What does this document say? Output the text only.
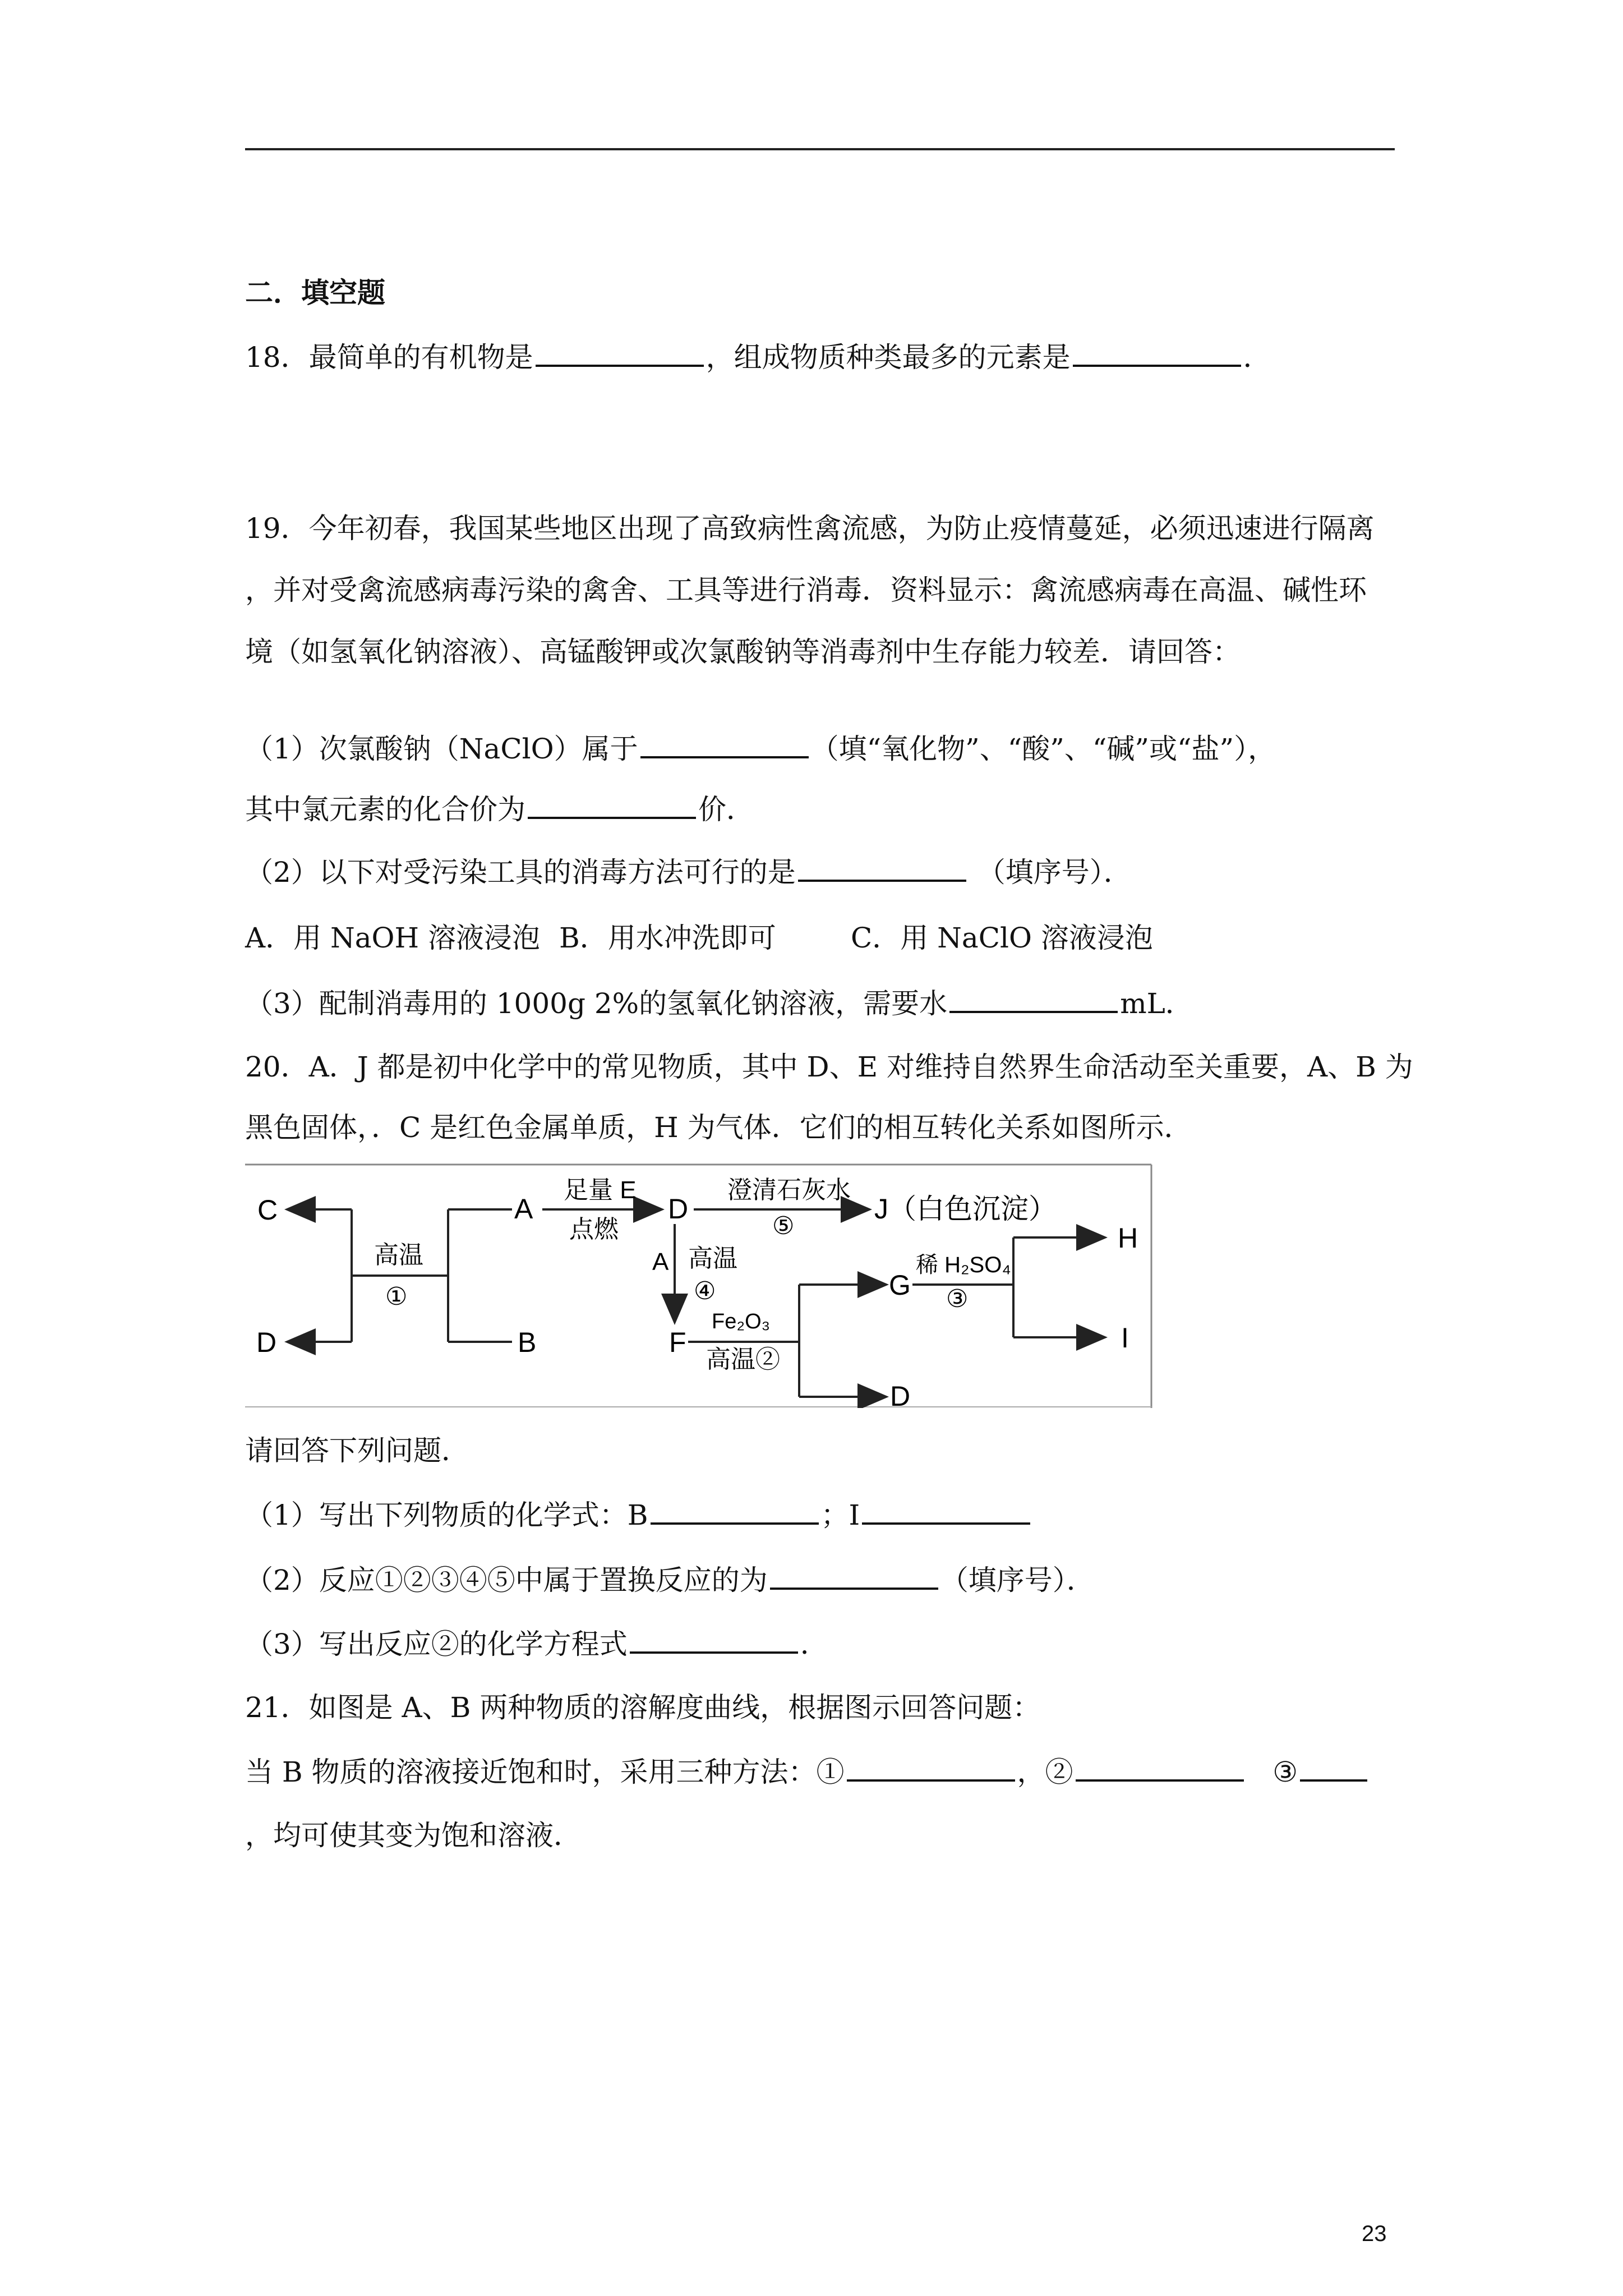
二．填空题
18．最简单的有机物是	，组成物质种类最多的元素是	．
19．今年初春，我国某些地区出现了高致病性禽流感，为防止疫情蔓延，必须迅速进行隔离
，并对受禽流感病毒污染的禽舍、工具等进行消毒．资料显示：禽流感病毒在高温、碱性环
境（如氢氧化钠溶液）、高锰酸钾或次氯酸钠等消毒剂中生存能力较差．请回答：
（1）次氯酸钠（NaClO）属于	（填“氧化物”、“酸”、“碱”或“盐”），
其中氯元素的化合价为	价．
（2）以下对受污染工具的消毒方法可行的是	（填序号）．
A．用 NaOH 溶液浸泡 B．用水冲洗即可	C．用 NaClO 溶液浸泡
（3）配制消毒用的 1000g 2%的氢氧化钠溶液，需要水	mL．
20．A．J 都是初中化学中的常见物质，其中 D、E 对维持自然界生命活动至关重要，A、B 为
黑色固体，．C 是红色金属单质，H 为气体．它们的相互转化关系如图所示．
C
D
高温
①
A
B
足量 E
点燃
D
澄清石灰水
⑤
J（白色沉淀）
A 高温
④
F
Fe₂O₃
高温②
G
D
稀 H₂SO₄
③
H
I
请回答下列问题．
（1）写出下列物质的化学式：B	；I
（2）反应①②③④⑤中属于置换反应的为	（填序号）．
（3）写出反应②的化学方程式	．
21．如图是 A、B 两种物质的溶解度曲线，根据图示回答问题：
当 B 物质的溶液接近饱和时，采用三种方法：①	，②	③
，均可使其变为饱和溶液．
23
